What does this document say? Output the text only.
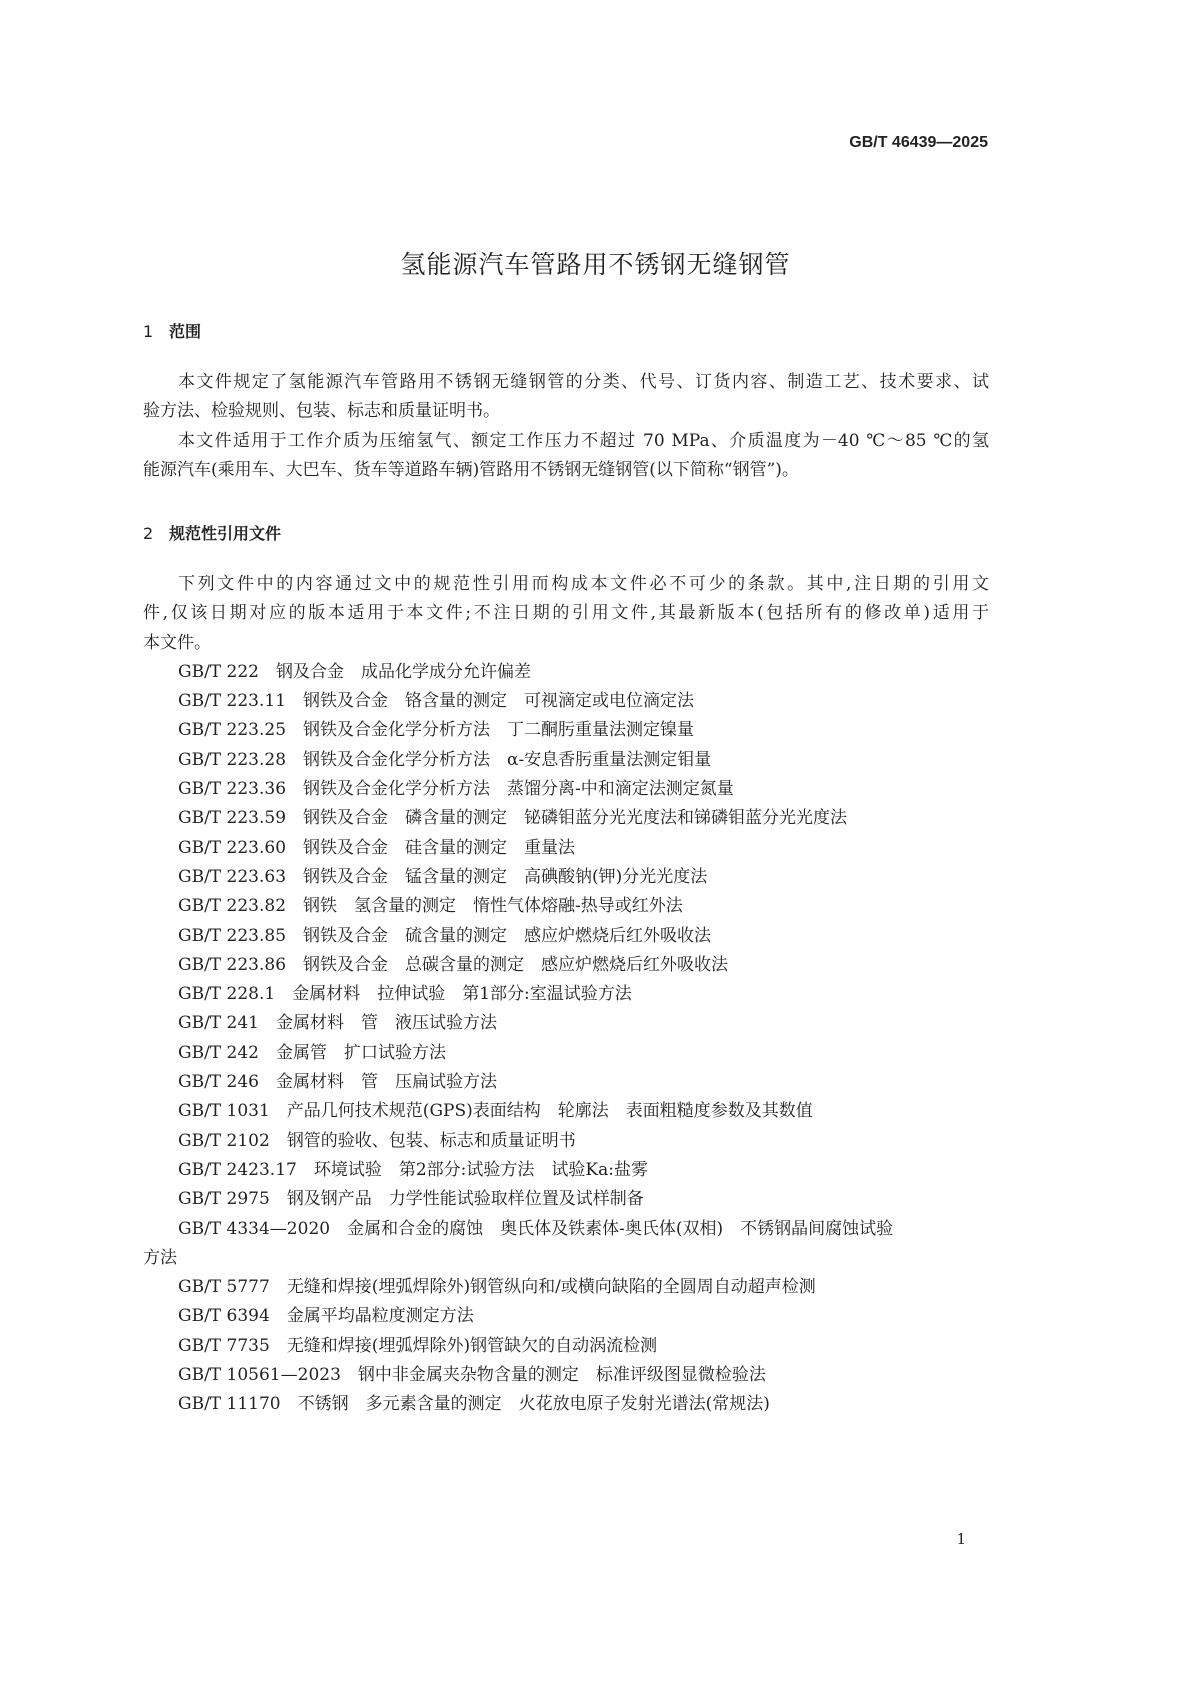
GB/T 46439—2025
氢能源汽车管路用不锈钢无缝钢管
1 范围
本文件规定了氢能源汽车管路用不锈钢无缝钢管的分类、代号、订货内容、制造工艺、技术要求、试
验方法、检验规则、包装、标志和质量证明书。
本文件适用于工作介质为压缩氢气、额定工作压力不超过 70 MPa、介质温度为－40 ℃～85 ℃的氢
能源汽车(乘用车、大巴车、货车等道路车辆)管路用不锈钢无缝钢管(以下简称“钢管”)。
2 规范性引用文件
下列文件中的内容通过文中的规范性引用而构成本文件必不可少的条款。其中,注日期的引用文
件,仅该日期对应的版本适用于本文件;不注日期的引用文件,其最新版本(包括所有的修改单)适用于
本文件。
GB/T 222 钢及合金　成品化学成分允许偏差
GB/T 223.11 钢铁及合金　铬含量的测定　可视滴定或电位滴定法
GB/T 223.25 钢铁及合金化学分析方法　丁二酮肟重量法测定镍量
GB/T 223.28 钢铁及合金化学分析方法　α-安息香肟重量法测定钼量
GB/T 223.36 钢铁及合金化学分析方法　蒸馏分离-中和滴定法测定氮量
GB/T 223.59 钢铁及合金　磷含量的测定　铋磷钼蓝分光光度法和锑磷钼蓝分光光度法
GB/T 223.60 钢铁及合金　硅含量的测定　重量法
GB/T 223.63 钢铁及合金　锰含量的测定　高碘酸钠(钾)分光光度法
GB/T 223.82 钢铁　氢含量的测定　惰性气体熔融-热导或红外法
GB/T 223.85 钢铁及合金　硫含量的测定　感应炉燃烧后红外吸收法
GB/T 223.86 钢铁及合金　总碳含量的测定　感应炉燃烧后红外吸收法
GB/T 228.1 金属材料　拉伸试验　第1部分:室温试验方法
GB/T 241 金属材料　管　液压试验方法
GB/T 242 金属管　扩口试验方法
GB/T 246 金属材料　管　压扁试验方法
GB/T 1031 产品几何技术规范(GPS)表面结构　轮廓法　表面粗糙度参数及其数值
GB/T 2102 钢管的验收、包装、标志和质量证明书
GB/T 2423.17 环境试验　第2部分:试验方法　试验Ka:盐雾
GB/T 2975 钢及钢产品　力学性能试验取样位置及试样制备
GB/T 4334—2020 金属和合金的腐蚀　奥氏体及铁素体-奥氏体(双相)　不锈钢晶间腐蚀试验
方法
GB/T 5777 无缝和焊接(埋弧焊除外)钢管纵向和/或横向缺陷的全圆周自动超声检测
GB/T 6394 金属平均晶粒度测定方法
GB/T 7735 无缝和焊接(埋弧焊除外)钢管缺欠的自动涡流检测
GB/T 10561—2023 钢中非金属夹杂物含量的测定　标准评级图显微检验法
GB/T 11170 不锈钢　多元素含量的测定　火花放电原子发射光谱法(常规法)
1
